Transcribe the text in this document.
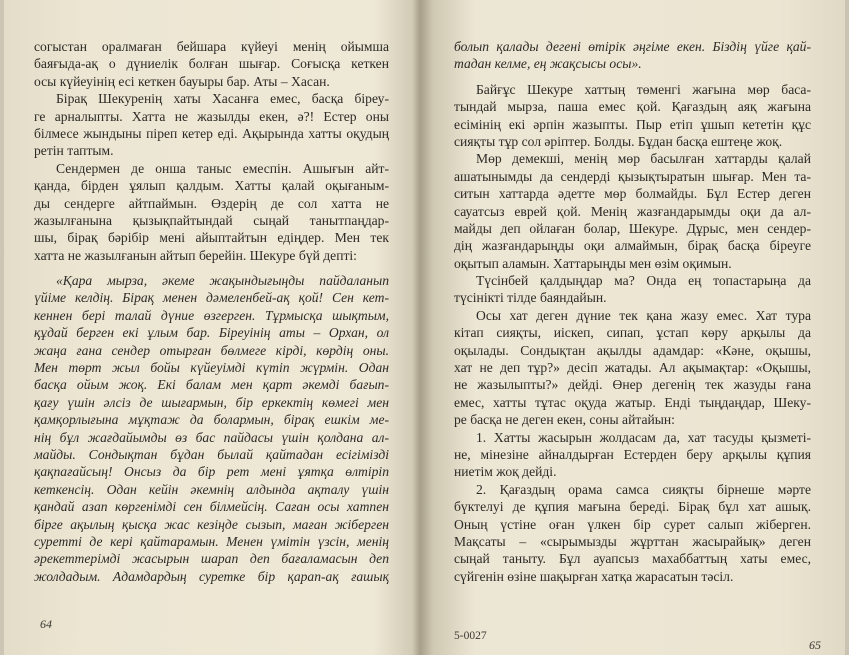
согыстан оралмаған бейшара күйеуі менің ойымша
баяғыда-ақ о дүниелік болған шығар. Соғысқа кеткен
осы күйеуінің есі кеткен бауыры бар. Аты – Хасан.
Бірақ Шекуренің хаты Хасанға емес, басқа біреу-
ге арналыпты. Хатта не жазылды екен, ә?! Естер оны
білмесе жындыны піреп кетер еді. Ақырында хатты оқудың
ретін таптым.
Сендермен де онша таныс емеспін. Ашығын айт-
қанда, бірден ұялып қалдым. Хатты қалай оқығаным-
ды сендерге айтпаймын. Өздерің де сол хатта не
жазылғанына қызықпайтындай сыңай танытпаңдар-
шы, бірақ бәрібір мені айыптайтын едіңдер. Мен тек
хатта не жазылғанын айтып берейін. Шекуре бүй депті:
«Қара мырза, әкеме жақындығыңды пайдаланып
үйіме келдің. Бірақ менен дәмеленбей-ақ қой! Сен кет-
кеннен бері талай дүние өзгерген. Тұрмысқа шықтым,
құдай берген екі ұлым бар. Біреуінің аты – Орхан, ол
жаңа ғана сендер отырған бөлмеге кірді, көрдің оны.
Мен төрт жыл бойы күйеуімді күтіп жүрмін. Одан
басқа ойым жоқ. Екі балам мен қарт әкемді бағып-
қағу үшін әлсіз де шығармын, бір еркектің көмегі мен
қамқорлығына мұқтаж да болармын, бірақ ешкім ме-
нің бұл жағдайымды өз бас пайдасы үшін қолдана ал-
майды. Сондықтан бұдан былай қайтадан есігімізді
қақпағайсың! Онсыз да бір рет мені ұятқа өлтіріп
кеткенсің. Одан кейін әкемнің алдында ақталу үшін
қандай азап көргенімді сен білмейсің. Саған осы хатпен
бірге ақылың қысқа жас кезіңде сызып, маған жіберген
суретті де кері қайтарамын. Менен үмітін үзсін, менің
әрекеттерімді жасырын шарап деп бағаламасын деп
жолдадым. Адамдардың суретке бір қарап-ақ ғашық
64
болып қалады дегені өтірік әңгіме екен. Біздің үйге қай-
тадан келме, ең жақсысы осы».
Байғұс Шекуре хаттың төменгі жағына мөр баса-
тындай мырза, паша емес қой. Қағаздың аяқ жағына
есімінің екі әрпін жазыпты. Пыр етіп ұшып кететін құс
сияқты тұр сол әріптер. Болды. Бұдан басқа ештеңе жоқ.
Мөр демекші, менің мөр басылған хаттарды қалай
ашатынымды да сендерді қызықтыратын шығар. Мен та-
ситын хаттарда әдетте мөр болмайды. Бұл Естер деген
сауатсыз еврей қой. Менің жазғандарымды оқи да ал-
майды деп ойлаған болар, Шекуре. Дұрыс, мен сендер-
дің жазғандарыңды оқи алмаймын, бірақ басқа біреуге
оқытып аламын. Хаттарыңды мен өзім оқимын.
Түсінбей қалдыңдар ма? Онда ең топастарыңа да
түсінікті тілде баяндайын.
Осы хат деген дүние тек қана жазу емес. Хат тура
кітап сияқты, иіскеп, сипап, ұстап көру арқылы да
оқылады. Сондықтан ақылды адамдар: «Кәне, оқышы,
хат не деп тұр?» десіп жатады. Ал ақымақтар: «Оқышы,
не жазылыпты?» дейді. Өнер дегенің тек жазуды ғана
емес, хатты тұтас оқуда жатыр. Енді тыңдаңдар, Шеку-
ре басқа не деген екен, соны айтайын:
1. Хатты жасырын жолдасам да, хат тасуды қызметі-
не, мінезіне айналдырған Естерден беру арқылы құпия
ниетім жоқ дейді.
2. Қағаздың орама самса сияқты бірнеше мәрте
бүктелуі де құпия мағына береді. Бірақ бұл хат ашық.
Оның үстіне оған үлкен бір сурет салып жіберген.
Мақсаты – «сырымызды жұрттан жасырайық» деген
сыңай таныту. Бұл ауапсыз махаббаттың хаты емес,
сүйгенін өзіне шақырған хатқа жарасатын тәсіл.
5-0027
65
